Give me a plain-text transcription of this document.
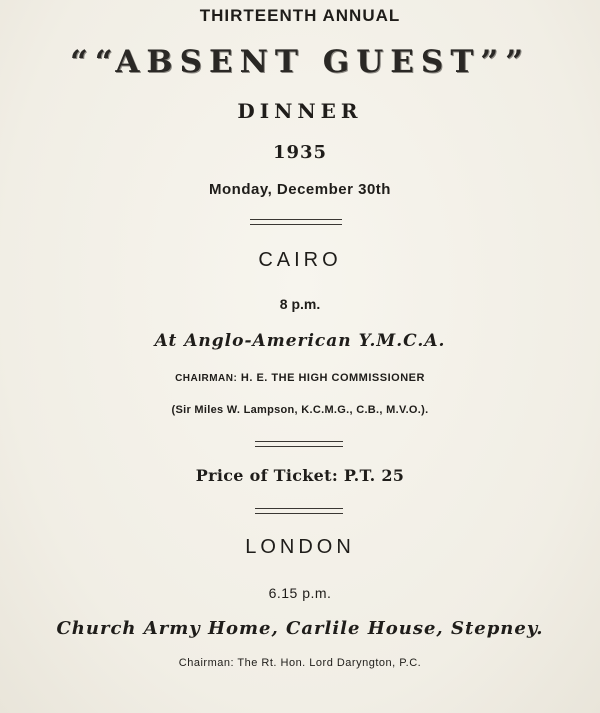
THIRTEENTH ANNUAL
““ABSENT GUEST””
DINNER
1935
Monday, December 30th
CAIRO
8 p.m.
At Anglo-American Y.M.C.A.
CHAIRMAN: H. E. THE HIGH COMMISSIONER
(Sir Miles W. Lampson, K.C.M.G., C.B., M.V.O.).
Price of Ticket: P.T. 25
LONDON
6.15 p.m.
Church Army Home, Carlile House, Stepney.
Chairman: The Rt. Hon. Lord Daryngton, P.C.
